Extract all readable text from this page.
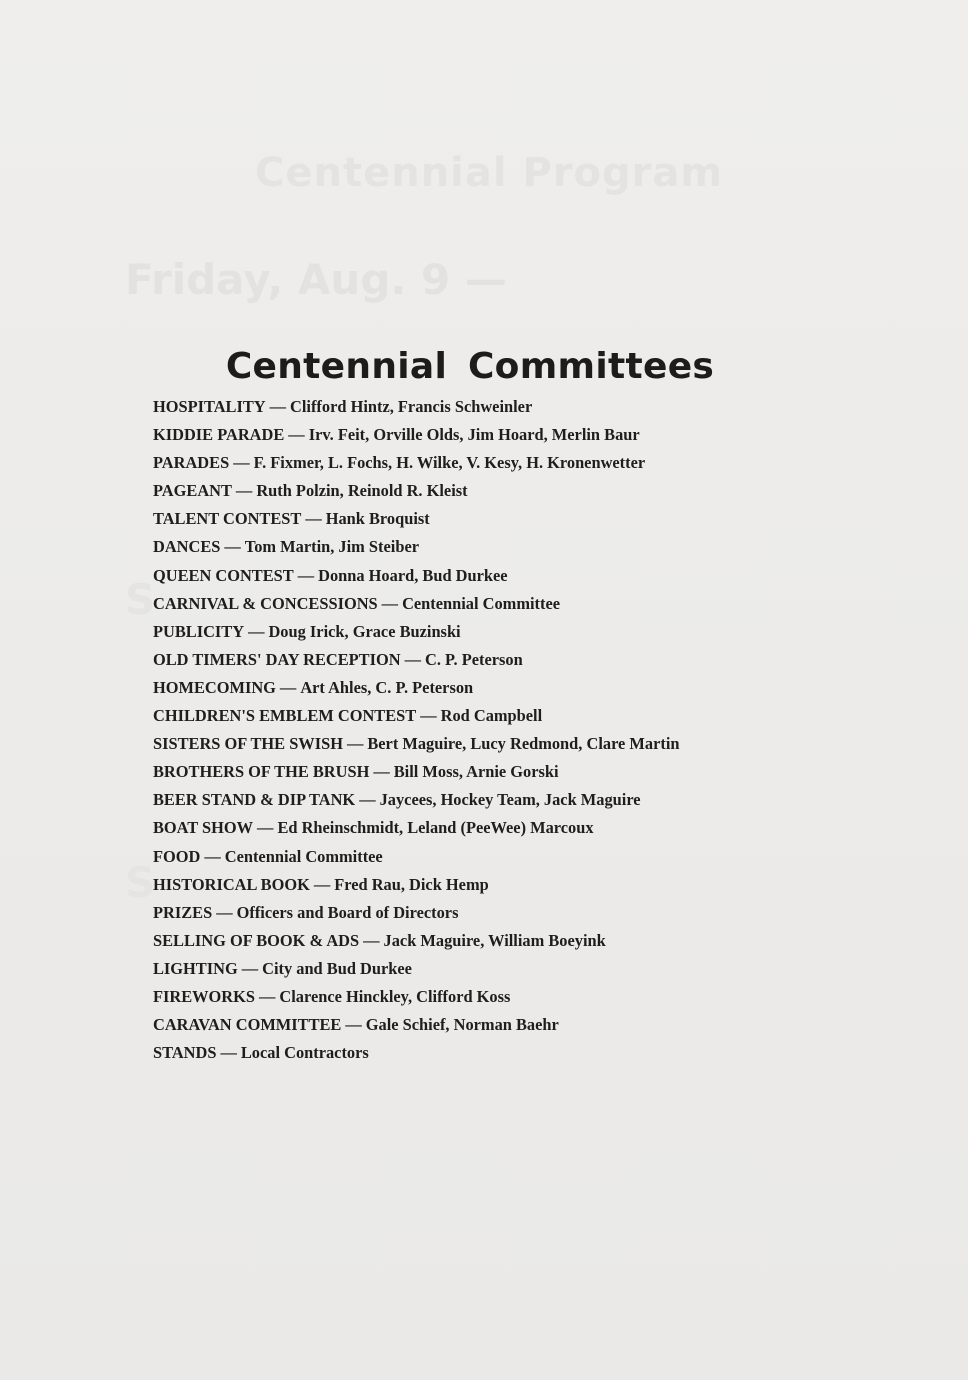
Centennial Program
Friday, Aug. 9 —
S
S
Centennial Committees
HOSPITALITY — Clifford Hintz, Francis Schweinler
KIDDIE PARADE — Irv. Feit, Orville Olds, Jim Hoard, Merlin Baur
PARADES — F. Fixmer, L. Fochs, H. Wilke, V. Kesy, H. Kronenwetter
PAGEANT — Ruth Polzin, Reinold R. Kleist
TALENT CONTEST — Hank Broquist
DANCES — Tom Martin, Jim Steiber
QUEEN CONTEST — Donna Hoard, Bud Durkee
CARNIVAL & CONCESSIONS — Centennial Committee
PUBLICITY — Doug Irick, Grace Buzinski
OLD TIMERS' DAY RECEPTION — C. P. Peterson
HOMECOMING — Art Ahles, C. P. Peterson
CHILDREN'S EMBLEM CONTEST — Rod Campbell
SISTERS OF THE SWISH — Bert Maguire, Lucy Redmond, Clare Martin
BROTHERS OF THE BRUSH — Bill Moss, Arnie Gorski
BEER STAND & DIP TANK — Jaycees, Hockey Team, Jack Maguire
BOAT SHOW — Ed Rheinschmidt, Leland (PeeWee) Marcoux
FOOD — Centennial Committee
HISTORICAL BOOK — Fred Rau, Dick Hemp
PRIZES — Officers and Board of Directors
SELLING OF BOOK & ADS — Jack Maguire, William Boeyink
LIGHTING — City and Bud Durkee
FIREWORKS — Clarence Hinckley, Clifford Koss
CARAVAN COMMITTEE — Gale Schief, Norman Baehr
STANDS — Local Contractors
